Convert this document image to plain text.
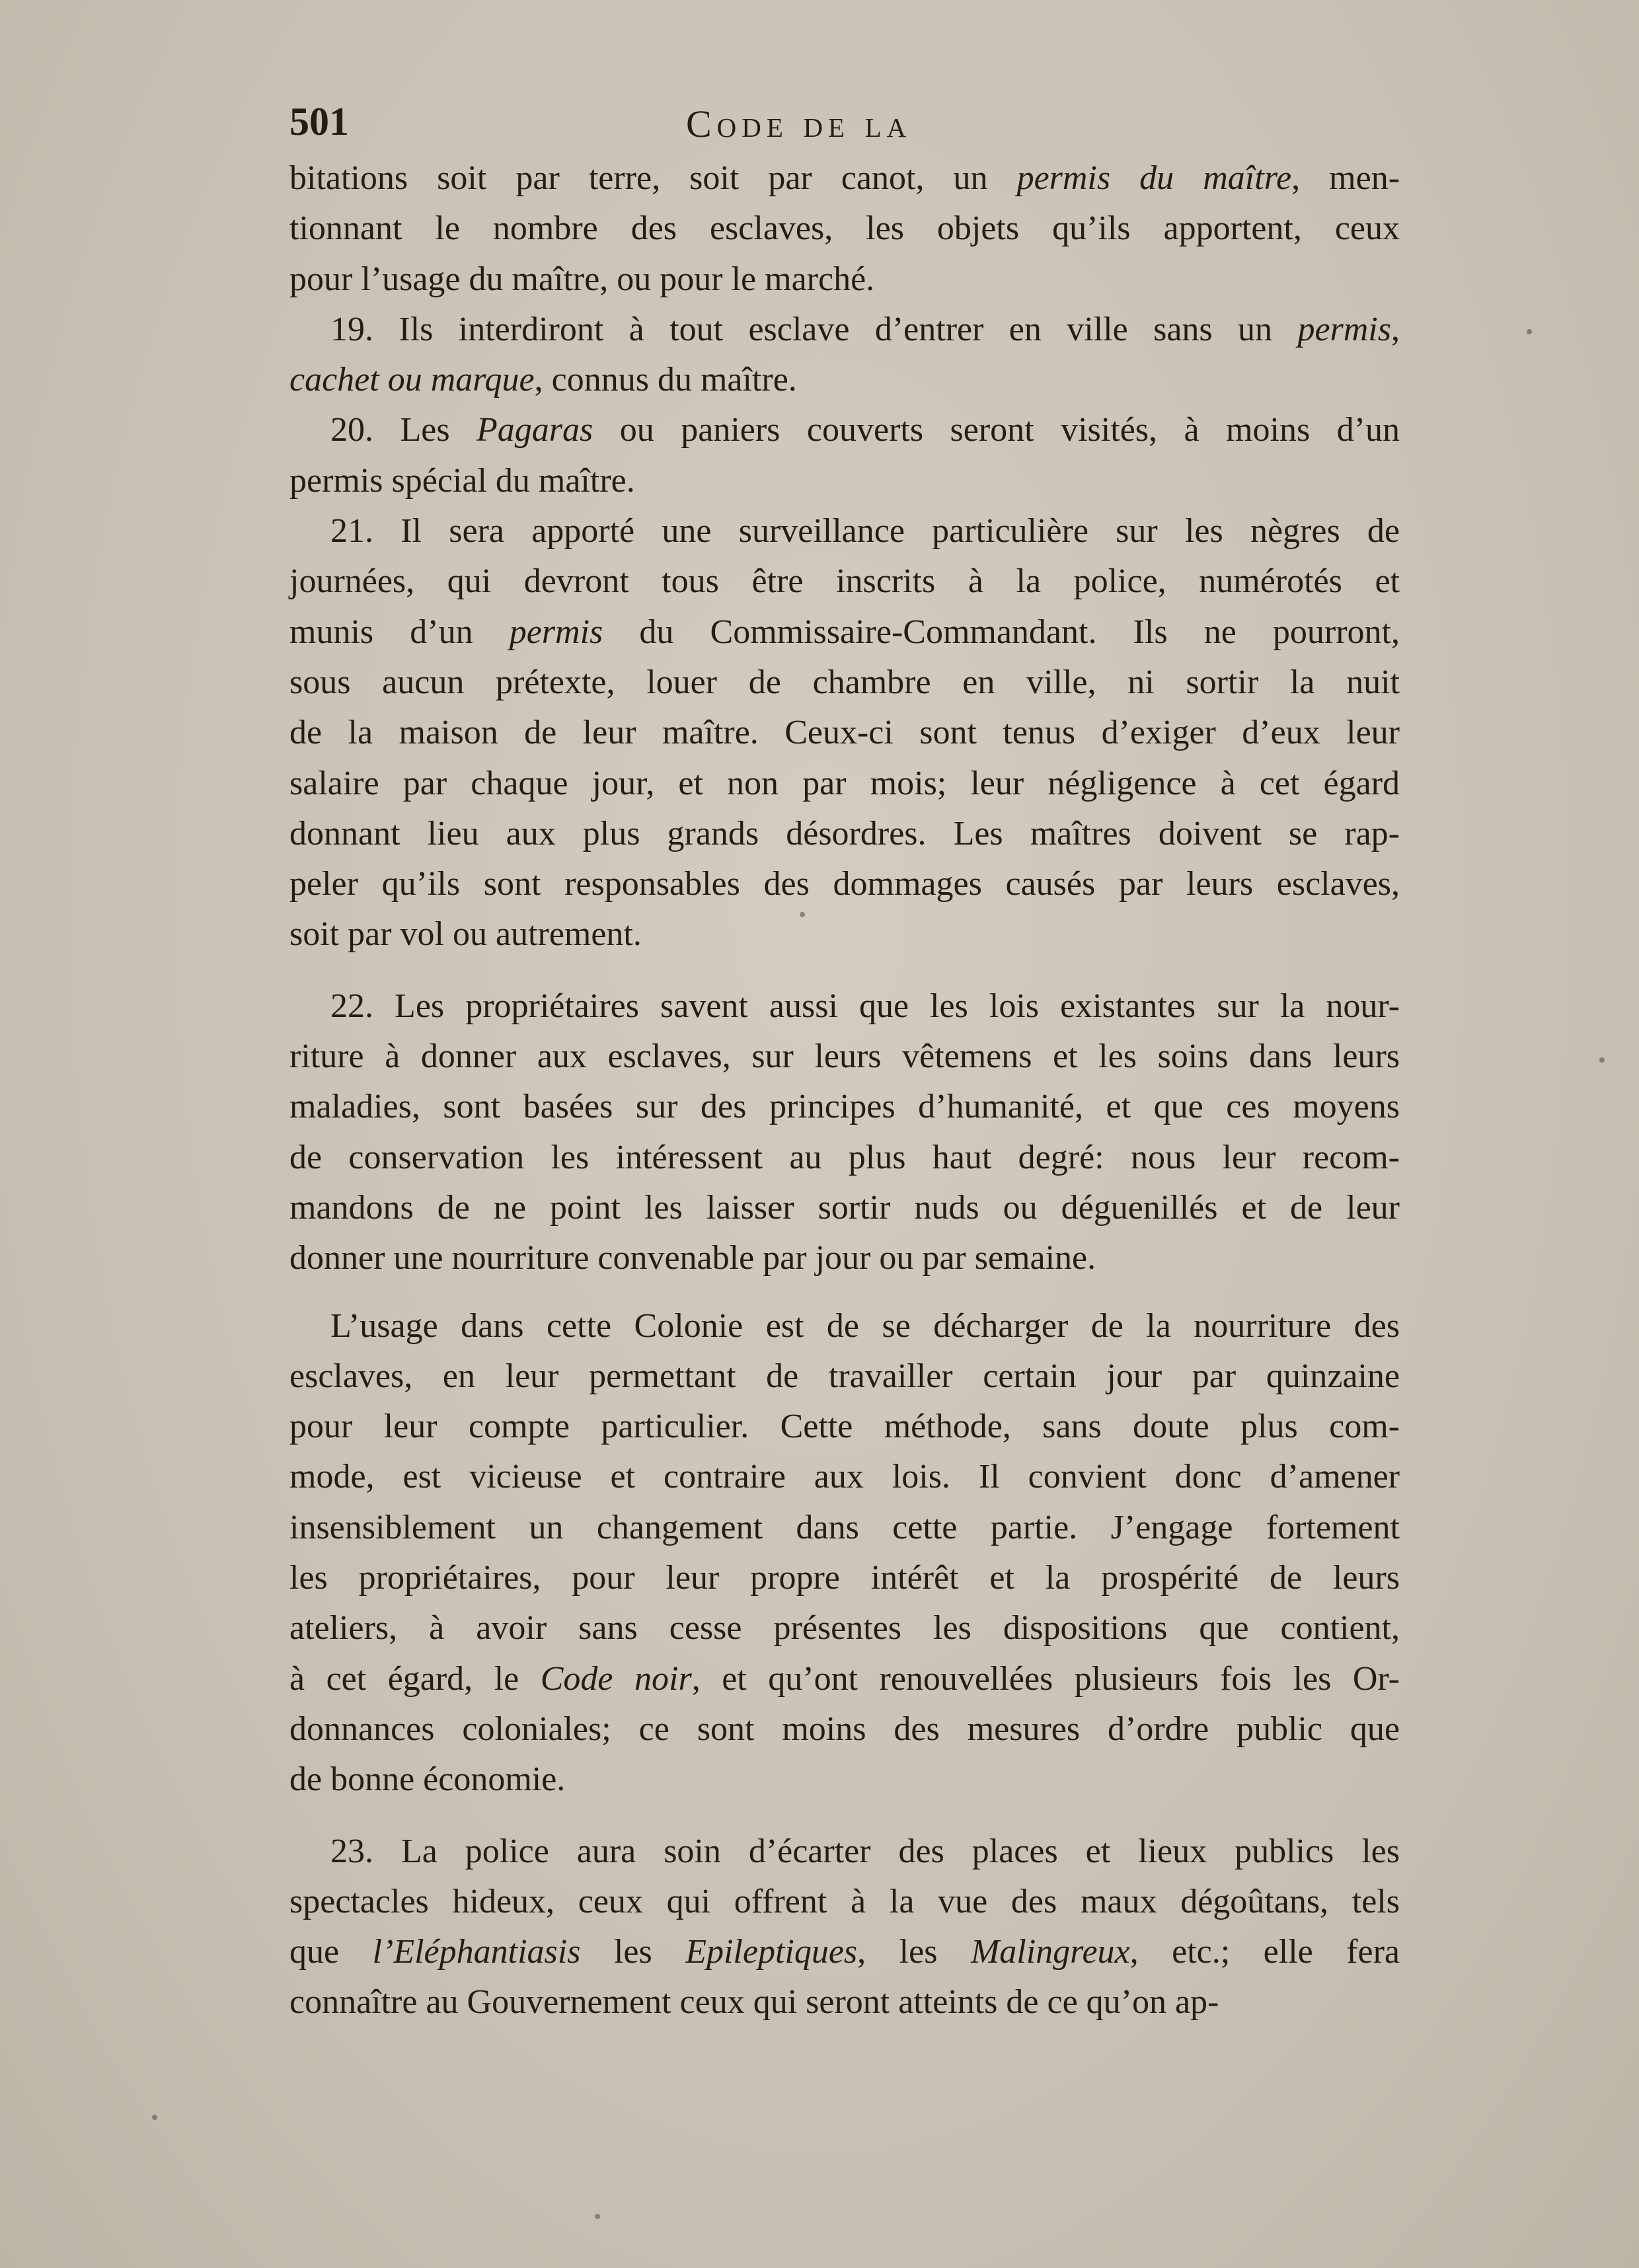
501	Code de la
bitations soit par terre, soit par canot, un permis du maître, men-
tionnant le nombre des esclaves, les objets qu’ils apportent, ceux
pour l’usage du maître, ou pour le marché.
19. Ils interdiront à tout esclave d’entrer en ville sans un permis,
cachet ou marque, connus du maître.
20. Les Pagaras ou paniers couverts seront visités, à moins d’un
permis spécial du maître.
21. Il sera apporté une surveillance particulière sur les nègres de
journées, qui devront tous être inscrits à la police, numérotés et
munis d’un permis du Commissaire-Commandant. Ils ne pourront,
sous aucun prétexte, louer de chambre en ville, ni sortir la nuit
de la maison de leur maître. Ceux-ci sont tenus d’exiger d’eux leur
salaire par chaque jour, et non par mois; leur négligence à cet égard
donnant lieu aux plus grands désordres. Les maîtres doivent se rap-
peler qu’ils sont responsables des dommages causés par leurs esclaves,
soit par vol ou autrement.
22. Les propriétaires savent aussi que les lois existantes sur la nour-
riture à donner aux esclaves, sur leurs vêtemens et les soins dans leurs
maladies, sont basées sur des principes d’humanité, et que ces moyens
de conservation les intéressent au plus haut degré: nous leur recom-
mandons de ne point les laisser sortir nuds ou déguenillés et de leur
donner une nourriture convenable par jour ou par semaine.
L’usage dans cette Colonie est de se décharger de la nourriture des
esclaves, en leur permettant de travailler certain jour par quinzaine
pour leur compte particulier. Cette méthode, sans doute plus com-
mode, est vicieuse et contraire aux lois. Il convient donc d’amener
insensiblement un changement dans cette partie. J’engage fortement
les propriétaires, pour leur propre intérêt et la prospérité de leurs
ateliers, à avoir sans cesse présentes les dispositions que contient,
à cet égard, le Code noir, et qu’ont renouvellées plusieurs fois les Or-
donnances coloniales; ce sont moins des mesures d’ordre public que
de bonne économie.
23. La police aura soin d’écarter des places et lieux publics les
spectacles hideux, ceux qui offrent à la vue des maux dégoûtans, tels
que l’Eléphantiasis les Epileptiques, les Malingreux, etc.; elle fera
connaître au Gouvernement ceux qui seront atteints de ce qu’on ap-
